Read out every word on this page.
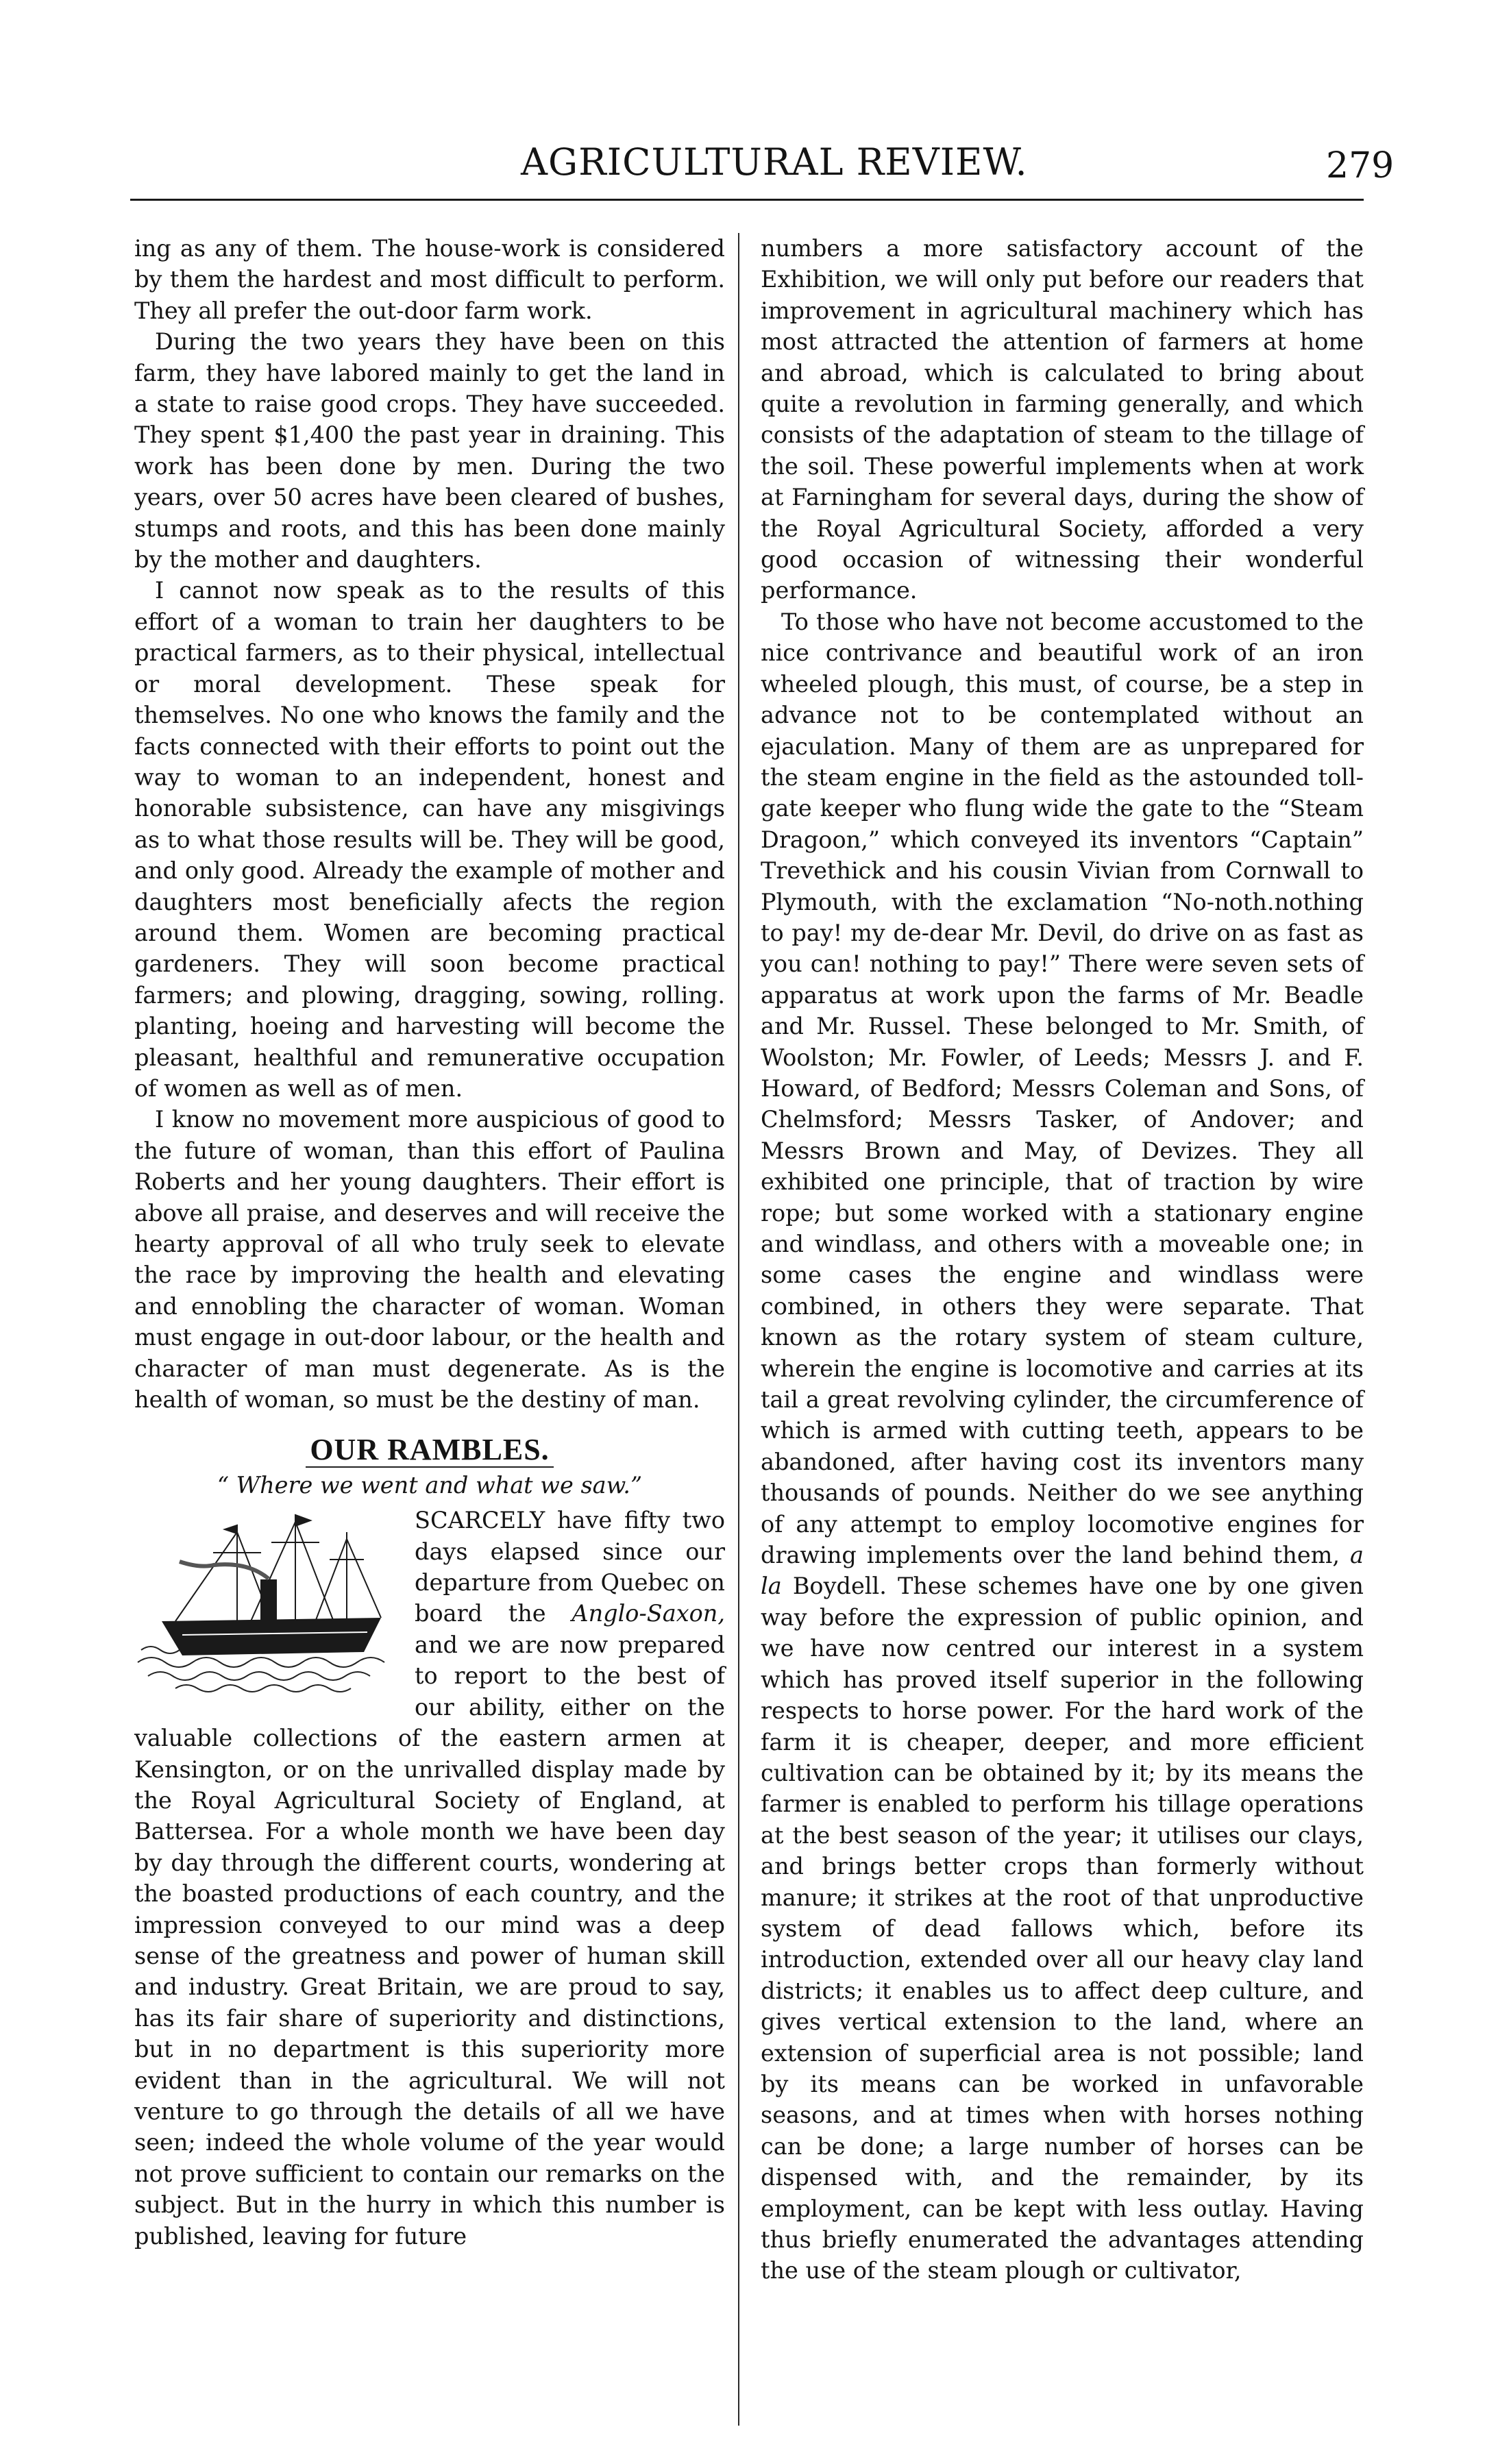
AGRICULTURAL REVIEW.	279

ing as any of them. The house-work is considered by them the hardest and most difficult to perform. They all prefer the out-door farm work.

During the two years they have been on this farm, they have labored mainly to get the land in a state to raise good crops. They have succeeded. They spent $1,400 the past year in draining. This work has been done by men. During the two years, over 50 acres have been cleared of bushes, stumps and roots, and this has been done mainly by the mother and daughters.

I cannot now speak as to the results of this effort of a woman to train her daughters to be practical farmers, as to their physical, intellectual or moral development. These speak for themselves. No one who knows the family and the facts connected with their efforts to point out the way to woman to an independent, honest and honorable subsistence, can have any misgivings as to what those results will be. They will be good, and only good. Already the example of mother and daughters most beneficially afects the region around them. Women are becoming practical gardeners. They will soon become practical farmers; and plowing, dragging, sowing, rolling. planting, hoeing and harvesting will become the pleasant, healthful and remunerative occupation of women as well as of men.

I know no movement more auspicious of good to the future of woman, than this effort of Paulina Roberts and her young daughters. Their effort is above all praise, and deserves and will receive the hearty approval of all who truly seek to elevate the race by improving the health and elevating and ennobling the character of woman. Woman must engage in out-door labour, or the health and character of man must degenerate. As is the health of woman, so must be the destiny of man.

OUR RAMBLES.
“ Where we went and what we saw.”

SCARCELY have fifty two days elapsed since our departure from Quebec on board the Anglo-Saxon, and we are now prepared to report to the best of our ability, either on the valuable collections of the eastern armen at Kensington, or on the unrivalled display made by the Royal Agricultural Society of England, at Battersea. For a whole month we have been day by day through the different courts, wondering at the boasted productions of each country, and the impression conveyed to our mind was a deep sense of the greatness and power of human skill and industry. Great Britain, we are proud to say, has its fair share of superiority and distinctions, but in no department is this superiority more evident than in the agricultural. We will not venture to go through the details of all we have seen; indeed the whole volume of the year would not prove sufficient to contain our remarks on the subject. But in the hurry in which this number is published, leaving for future

numbers a more satisfactory account of the Exhibition, we will only put before our readers that improvement in agricultural machinery which has most attracted the attention of farmers at home and abroad, which is calculated to bring about quite a revolution in farming generally, and which consists of the adaptation of steam to the tillage of the soil. These powerful implements when at work at Farningham for several days, during the show of the Royal Agricultural Society, afforded a very good occasion of witnessing their wonderful performance.

To those who have not become accustomed to the nice contrivance and beautiful work of an iron wheeled plough, this must, of course, be a step in advance not to be contemplated without an ejaculation. Many of them are as unprepared for the steam engine in the field as the astounded toll-gate keeper who flung wide the gate to the “Steam Dragoon,” which conveyed its inventors “Captain” Trevethick and his cousin Vivian from Cornwall to Plymouth, with the exclamation “No-noth.nothing to pay! my de-dear Mr. Devil, do drive on as fast as you can! nothing to pay!” There were seven sets of apparatus at work upon the farms of Mr. Beadle and Mr. Russel. These belonged to Mr. Smith, of Woolston; Mr. Fowler, of Leeds; Messrs J. and F. Howard, of Bedford; Messrs Coleman and Sons, of Chelmsford; Messrs Tasker, of Andover; and Messrs Brown and May, of Devizes. They all exhibited one principle, that of traction by wire rope; but some worked with a stationary engine and windlass, and others with a moveable one; in some cases the engine and windlass were combined, in others they were separate. That known as the rotary system of steam culture, wherein the engine is locomotive and carries at its tail a great revolving cylinder, the circumference of which is armed with cutting teeth, appears to be abandoned, after having cost its inventors many thousands of pounds. Neither do we see anything of any attempt to employ locomotive engines for drawing implements over the land behind them, a la Boydell. These schemes have one by one given way before the expression of public opinion, and we have now centred our interest in a system which has proved itself superior in the following respects to horse power. For the hard work of the farm it is cheaper, deeper, and more efficient cultivation can be obtained by it; by its means the farmer is enabled to perform his tillage operations at the best season of the year; it utilises our clays, and brings better crops than formerly without manure; it strikes at the root of that unproductive system of dead fallows which, before its introduction, extended over all our heavy clay land districts; it enables us to affect deep culture, and gives vertical extension to the land, where an extension of superficial area is not possible; land by its means can be worked in unfavorable seasons, and at times when with horses nothing can be done; a large number of horses can be dispensed with, and the remainder, by its employment, can be kept with less outlay. Having thus briefly enumerated the advantages attending the use of the steam plough or cultivator,
